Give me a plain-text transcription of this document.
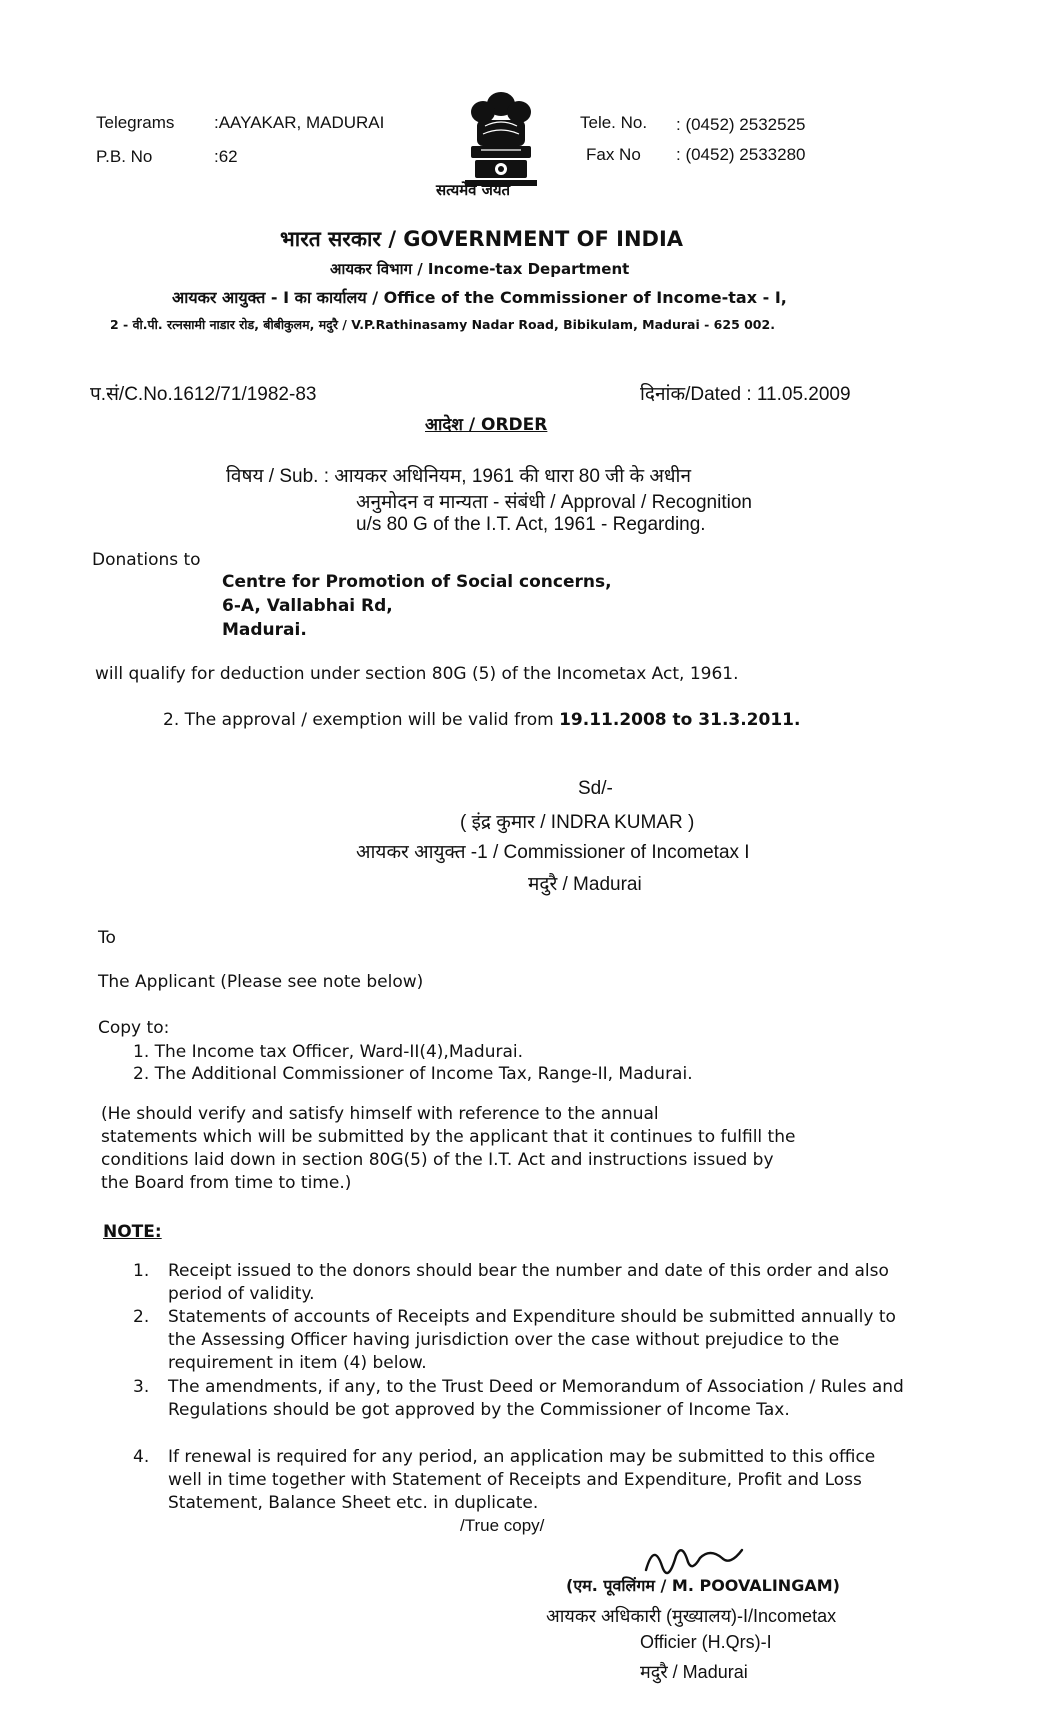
Telegrams :AAYAKAR, MADURAI
P.B. No	:62
सत्यमेव जयते
Tele. No. : (0452) 2532525
Fax No : (0452) 2533280
भारत सरकार / GOVERNMENT OF INDIA
आयकर विभाग / Income-tax Department
आयकर आयुक्त - I का कार्यालय / Office of the Commissioner of Income-tax - I,
2 - वी.पी. रत्नसामी नाडार रोड, बीबीकुलम, मदुरै / V.P.Rathinasamy Nadar Road, Bibikulam, Madurai - 625 002.
प.सं/C.No.1612/71/1982-83	दिनांक/Dated : 11.05.2009
आदेश / ORDER
विषय / Sub. : आयकर अधिनियम, 1961 की धारा 80 जी के अधीन
अनुमोदन व मान्यता - संबंधी / Approval / Recognition
u/s 80 G of the I.T. Act, 1961 - Regarding.
Donations to
Centre for Promotion of Social concerns,
6-A, Vallabhai Rd,
Madurai.
will qualify for deduction under section 80G (5) of the Incometax Act, 1961.
2. The approval / exemption will be valid from 19.11.2008 to 31.3.2011.
Sd/-
( इंद्र कुमार / INDRA KUMAR )
आयकर आयुक्त -1 / Commissioner of Incometax I
मदुरै / Madurai
To
The Applicant (Please see note below)
Copy to:
1. The Income tax Officer, Ward-II(4),Madurai.
2. The Additional Commissioner of Income Tax, Range-II, Madurai.
(He should verify and satisfy himself with reference to the annual
statements which will be submitted by the applicant that it continues to fulfill the
conditions laid down in section 80G(5) of the I.T. Act and instructions issued by
the Board from time to time.)
NOTE:
1. Receipt issued to the donors should bear the number and date of this order and also period of validity.
2. Statements of accounts of Receipts and Expenditure should be submitted annually to the Assessing Officer having jurisdiction over the case without prejudice to the requirement in item (4) below.
3. The amendments, if any, to the Trust Deed or Memorandum of Association / Rules and Regulations should be got approved by the Commissioner of Income Tax.
4. If renewal is required for any period, an application may be submitted to this office well in time together with Statement of Receipts and Expenditure, Profit and Loss Statement, Balance Sheet etc. in duplicate.
/True copy/
(एम. पूवलिंगम / M. POOVALINGAM)
आयकर अधिकारी (मुख्यालय)-I/Incometax
Officier (H.Qrs)-I
मदुरै / Madurai
